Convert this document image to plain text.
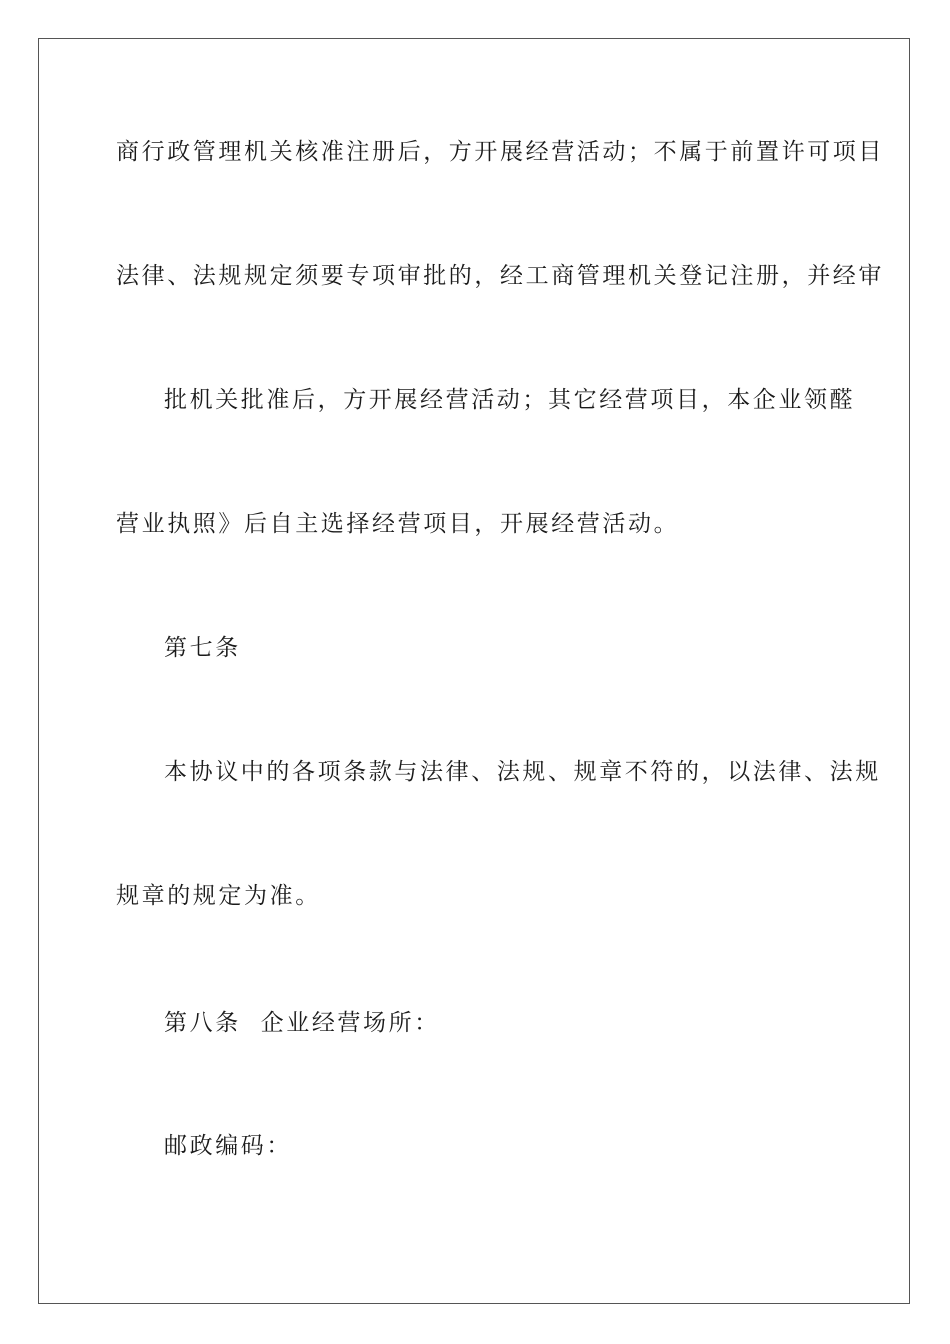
商行政管理机关核准注册后，方开展经营活动；不属于前置许可项目
法律、法规规定须要专项审批的，经工商管理机关登记注册，并经审
批机关批准后，方开展经营活动；其它经营项目，本企业领醛
营业执照》后自主选择经营项目，开展经营活动。
第七条
本协议中的各项条款与法律、法规、规章不符的，以法律、法规
规章的规定为准。
第八条  企业经营场所：
邮政编码：
